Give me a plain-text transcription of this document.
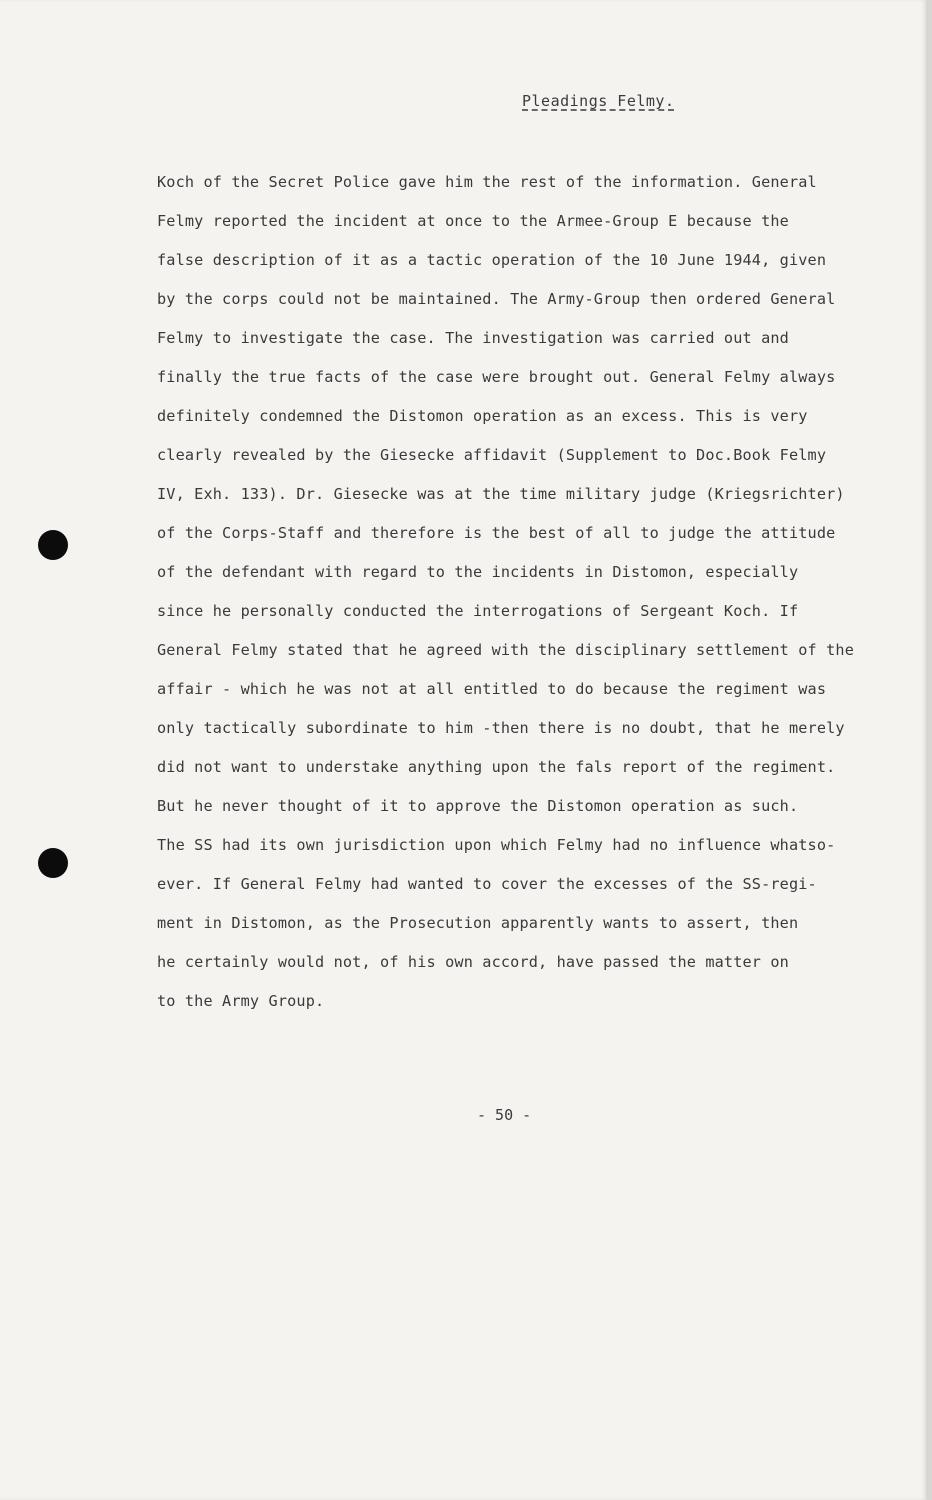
Pleadings Felmy.
Koch of the Secret Police gave him the rest of the information. General
Felmy reported the incident at once to the Armee-Group E because the
false description of it as a tactic operation of the 10 June 1944, given
by the corps could not be maintained. The Army-Group then ordered General
Felmy to investigate the case. The investigation was carried out and
finally the true facts of the case were brought out. General Felmy always
definitely condemned the Distomon operation as an excess. This is very
clearly revealed by the Giesecke affidavit (Supplement to Doc.Book Felmy
IV, Exh. 133). Dr. Giesecke was at the time military judge (Kriegsrichter)
of the Corps-Staff and therefore is the best of all to judge the attitude
of the defendant with regard to the incidents in Distomon, especially
since he personally conducted the interrogations of Sergeant Koch. If
General Felmy stated that he agreed with the disciplinary settlement of the
affair - which he was not at all entitled to do because the regiment was
only tactically subordinate to him -then there is no doubt, that he merely
did not want to understake anything upon the fals report of the regiment.
But he never thought of it to approve the Distomon operation as such.
The SS had its own jurisdiction upon which Felmy had no influence whatso-
ever. If General Felmy had wanted to cover the excesses of the SS-regi-
ment in Distomon, as the Prosecution apparently wants to assert, then
he certainly would not, of his own accord, have passed the matter on
to the Army Group.
- 50 -
